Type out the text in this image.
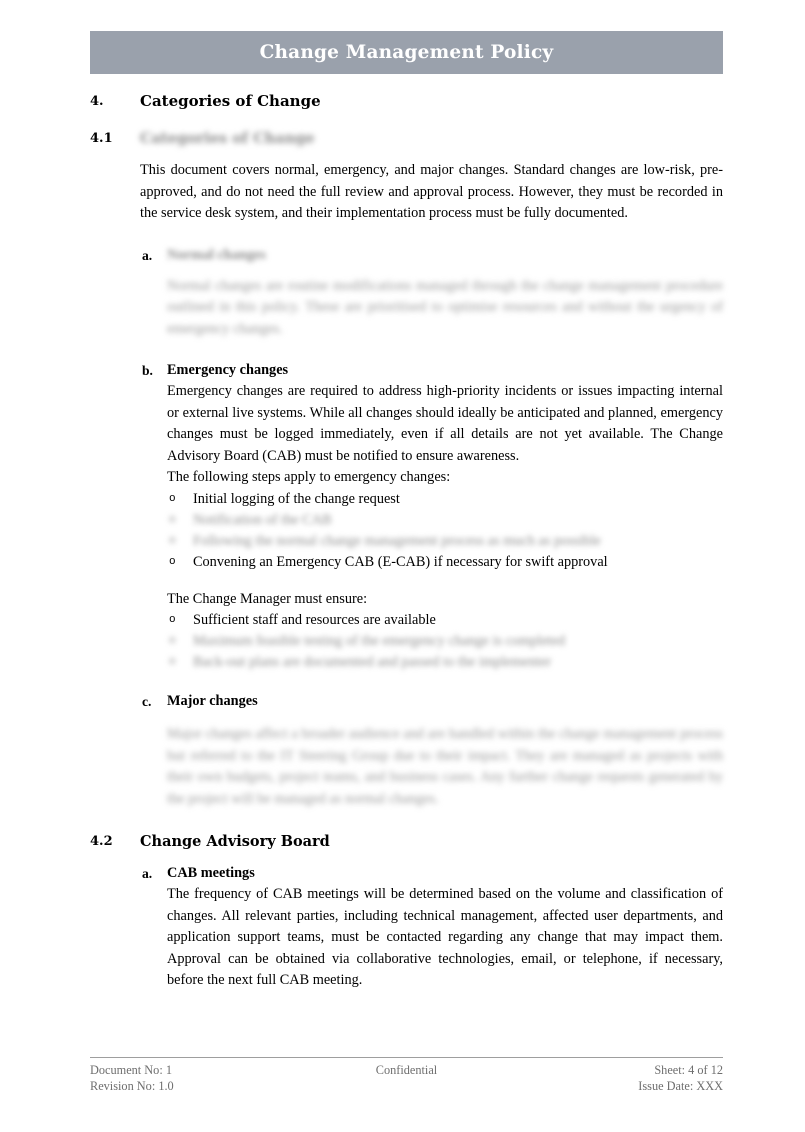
Change Management Policy
4.	Categories of Change
4.1	Categories of Change
This document covers normal, emergency, and major changes. Standard changes are low-risk, pre-approved, and do not need the full review and approval process. However, they must be recorded in the service desk system, and their implementation process must be fully documented.
a.	Normal changes
Normal changes are routine modifications managed through the change management procedure outlined in this policy. These are prioritised to optimise resources and without the urgency of emergency changes.
b. Emergency changes
Emergency changes are required to address high-priority incidents or issues impacting internal or external live systems. While all changes should ideally be anticipated and planned, emergency changes must be logged immediately, even if all details are not yet available. The Change Advisory Board (CAB) must be notified to ensure awareness.
The following steps apply to emergency changes:
o	Initial logging of the change request
o	Notification of the CAB
o	Following the normal change management process as much as possible
o	Convening an Emergency CAB (E-CAB) if necessary for swift approval
The Change Manager must ensure:
o	Sufficient staff and resources are available
o	Maximum feasible testing of the emergency change is completed
o	Back-out plans are documented and passed to the implementer
c.	Major changes
Major changes affect a broader audience and are handled within the change management process but referred to the IT Steering Group due to their impact. They are managed as projects with their own budgets, project teams, and business cases. Any further change requests generated by the project will be managed as normal changes.
4.2	Change Advisory Board
a.	CAB meetings
The frequency of CAB meetings will be determined based on the volume and classification of changes. All relevant parties, including technical management, affected user departments, and application support teams, must be contacted regarding any change that may impact them. Approval can be obtained via collaborative technologies, email, or telephone, if necessary, before the next full CAB meeting.
Document No: 1	Confidential	Sheet: 4 of 12
Revision No: 1.0	Issue Date: XXX
